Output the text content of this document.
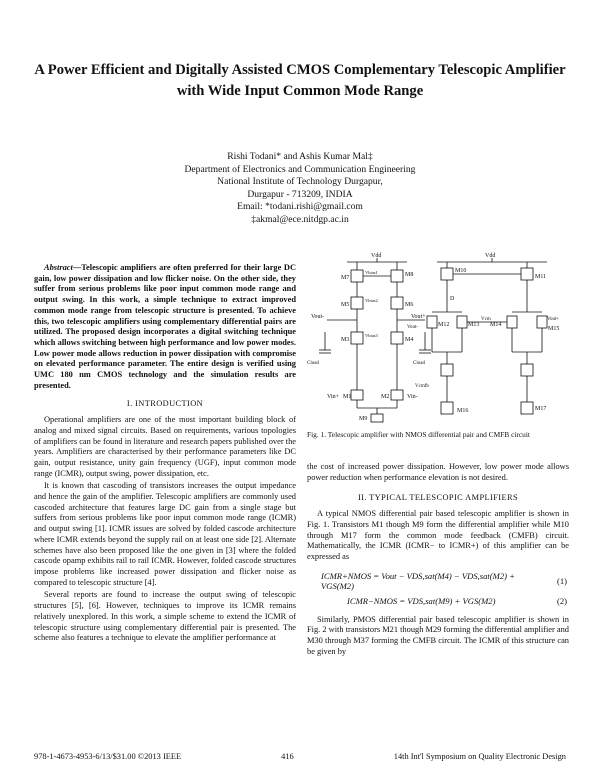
A Power Efficient and Digitally Assisted CMOS Complementary Telescopic Amplifier
with Wide Input Common Mode Range
Rishi Todani* and Ashis Kumar Mal‡
Department of Electronics and Communication Engineering
National Institute of Technology Durgapur,
Durgapur - 713209, INDIA
Email: *todani.rishi@gmail.com
‡akmal@ece.nitdgp.ac.in

Abstract—Telescopic amplifiers are often preferred for their large DC gain, low power dissipation and low flicker noise. On the other side, they suffer from serious problems like poor input common mode range and output swing. In this work, a simple technique to extract improved common mode range from telescopic structure is presented. To achieve this, two telescopic amplifiers using complementary differential pairs are utilized. The proposed design incorporates a digital switching technique which allows switching between high performance and low power modes. Low power mode allows reduction in power dissipation with compromise on elevated performance parameter. The entire design is verified using UMC 180 nm CMOS technology and the simulation results are presented.

I. INTRODUCTION

Operational amplifiers are one of the most important building block of analog and mixed signal circuits. Based on requirements, various topologies of amplifiers can be found in literature and research papers published over the years. Amplifiers are characterised by their performance parameters like DC gain, output resistance, unity gain frequency (UGF), input common mode range (ICMR), output swing, power dissipation, etc.

It is known that cascoding of transistors increases the output impedance and hence the gain of the amplifier. Telescopic amplifiers are commonly used cascoded architecture that features large DC gain from a single stage but suffers from serious problems like poor input common mode range (ICMR) and output swing [1]. ICMR issues are solved by folded cascode architecture where ICMR extends beyond the supply rail on at least one side [2]. Alternate schemes have also been proposed like the one given in [3] where the folded cascode opamp exhibits rail to rail ICMR. However, folded cascode structures impose problems like increased power dissipation and flicker noise as compared to telescopic structure [4].

Several reports are found to increase the output swing of telescopic structures [5], [6]. However, techniques to improve its ICMR remains relatively unexplored. In this work, a simple scheme to extend the ICMR of telescopic structure using complementary differential pair is presented. The scheme also features a technique to elevate the amplifier performance at

Vdd	Vdd
M7	M8
Vbias1
M5	M6
Vbias2
Vout-	Vout+
M3	M4
Vbias3
Cload	Cload
Vin+ M1	M2	Vin-
M9
M10
M11
D
Vout-
Vout+
M12	M13
Vcm
M14
M15
Vcmfb
M16	M17
Fig. 1. Telescopic amplifier with NMOS differential pair and CMFB circuit

the cost of increased power dissipation. However, low power mode allows power reduction when performance elevation is not desired.

II. TYPICAL TELESCOPIC AMPLIFIERS

A typical NMOS differential pair based telescopic amplifier is shown in Fig. 1. Transistors M1 though M9 form the differential amplifier while M10 through M17 form the common mode feedback (CMFB) circuit. Mathematically, the ICMR (ICMR− to ICMR+) of this amplifier can be expressed as

ICMR+NMOS = Vout − VDS,sat(M4) − VDS,sat(M2) +
VGS(M2)
(1)
ICMR−NMOS = VDS,sat(M9) + VGS(M2)	(2)

Similarly, PMOS differential pair based telescopic amplifier is shown in Fig. 2 with transistors M21 though M29 forming the differential amplifier and M30 through M37 forming the CMFB circuit. The ICMR of this structure can be given by

978-1-4673-4953-6/13/$31.00 ©2013 IEEE	416	14th Int'l Symposium on Quality Electronic Design
